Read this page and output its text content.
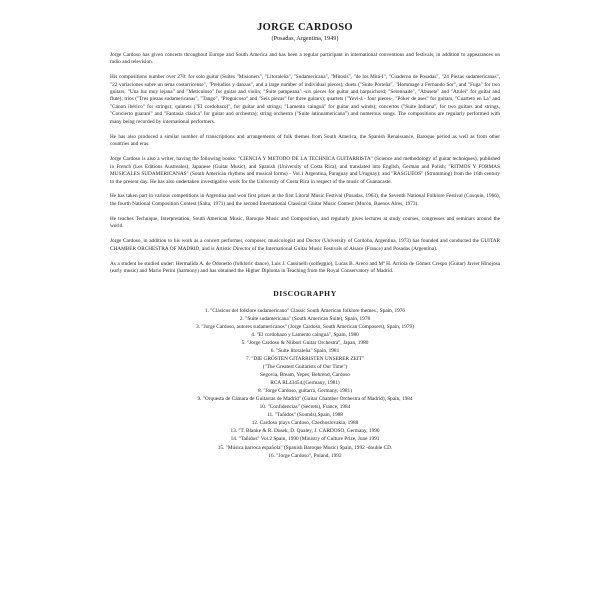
JORGE CARDOSO
(Posadas, Argentina, 1949)

Jorge Cardoso has given concerts throughout Europe and South America and has been a regular participant in international conventions and festivals, in addition to appearances on radio and television.

His compositions number over 270: for solo guitar (Suites "Misioners", "Litoraleña", "Sudamericana", "Mitosis", "de los Mitá-I", "Cuaderno de Posadas", "24 Piezas sudamericanas", "22 variaciones sobre un tema costarricense", "Preludios y danzas", and a large number of individual pieces); duets ("Suite Porteña", "Hommage a Fernando Sor", and "Fuga" for two guitars; "Una luz muy lejana" and "Meticuloso" for guitar and violin; "Suite pampeana" -six pieces for guitar and harpsichord; "Serennaite", "Abusete" and "Atulei" for guitar and flute); trios ("Tres piezas sudamericanas", "Tango", "Preguicoso" and "Seis piezas" for three guitars); quartets ("Yevi-á - four pieces-, "Póker de ases" for guitars, "Cuarteto en La" and "Cánon ibérico" for strings); quintets ("El cordobazo)", for guitar and strings; "Lamento cainguá" for guitar and winds); concertos ("Suite Indiana", for two guitars and strings, "Concierto guaraní" and "Fantasia clásica" for guitar and orchestra); string orchestra ("Suite latinoamericana") and numerous songs. The compositions are regularly performed with many being recorded by international performers.

He has also produced a similar number of transcriptions and arrangements of folk themes from South America, the Spanish Renaissance, Baroque period as well as from other countries and eras.

Jorge Cardoso is also a writer, having the following books: "CIENCIA Y METODO DE LA TECHNICA GUITARRISTA" (Science and methodology of guitar techniques), published in French (Les Editions Austreales), Japanese (Guitar Music), and Spanish (University of Costa Rica), and translated into English, German and Polish; "RITMOS Y FORMAS MUSICALES SUDAMERICANAS" (South American rhythms and musical forms) - Vol.1 Argentina, Paraguay and Uruguay); and "RASGUEOS" (Strumming) from the 16th century to the present day. He has also undertaken investigative work for the University of Costa Rica in respect of the music of Guanacaste.

He has taken part in various competitions in Argentina and won first prizes at the first Litoral Music Festival (Posadas, 1963), the Seventh National Folklore Festival (Cosquin, 1966), the fourth National Composition Contest (Salta, 1971) and the second International Classical Guitar Music Contest (Morón, Buenos Aires, 1973).

He teaches Technique, Interpretation, South American Music, Baroque Music and Composition, and regularly gives lectures at study courses, congresses and seminars around the world.

Jorge Cardoso, in addition to his work as a concert performer, composer, musicologist and Doctor (University of Cordoba, Argentina, 1973) has founded and conducted the GUITAR CHAMBER ORCHESTRA OF MADRID, and is Artistic Director of the International Guitar Music Festivals of Alsace (France) and Posadas (Argentina).

As a student he studied under: Hermalida A. de Odonetto (folkloric dance), Luis J. Cassinelli (solfeggio), Lucas B. Areco and Mª H. Arriola de Gómez Crespo (Guitar) Javier Hinojosa (early music) and Mario Perini (harmony) and has obtained the Higher Diploma in Teaching from the Royal Conservatory of Madrid.

DISCOGRAPHY
1. "Clásicos del folklore sudamericano" Classic South American folklore themes., Spain, 1976
2. "Suite sudamericana" (South American Suite), Spain, 1978
3. "Jorge Cardoso, autores sudamericanos" (Jorge Cardoso, South American Composers), Spain, 1979)
4. "El cordobazo y Lamento cainguá", Spain, 1980
5. "Jorge Cardoso & Niibori Guitar Orchestra", Japan, 1980
6. "Suite litoraleña" Spain, 1981
7. "DIE GRÖSTEN GITARRISTEN UNSERER ZEIT"
("The Greatest Guitarists of Our Time")
Segovia, Bream, Yepes, Behrend, Cardoso
RCA RL43454,(Germany, 1981)
8. "Jorge Cardoso, guitarra, Germany, 1981)
9. "Orquesta de Cámara de Guitarras de Madrid" (Guitar Chamber Orchestra of Madrid), Spain, 1984
10. "Confidencias" (Secrets), France, 1984
11. "Tañidos" (Sounds),Spain, 1988
12. Cardoso plays Cardoso, Czechoslovakia, 1988
13. "T. Blanke & R. Dusek, D. Qualey, J. CARDOSO, Germany, 1990
14. "Tañidos" Vol.2 Spain, 1990 (Ministry of Culture Prize, June 1991
15. "Música barroca española" (Spanish Baroque Music) Spain, 1992 -double CD.
16. "Jorge Cardoso", Poland, 1992
